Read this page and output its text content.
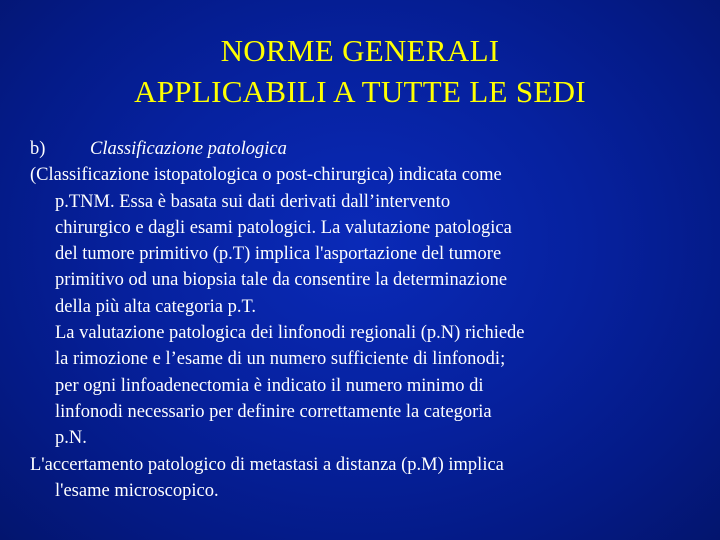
NORME GENERALI
APPLICABILI A TUTTE LE SEDI
b) Classificazione patologica
(Classificazione istopatologica o post-chirurgica) indicata come
p.TNM. Essa è basata sui dati derivati dall’intervento
chirurgico e dagli esami patologici. La valutazione patologica
del tumore primitivo (p.T) implica l'asportazione del tumore
primitivo od una biopsia tale da consentire la determinazione
della più alta categoria p.T.
La valutazione patologica dei linfonodi regionali (p.N) richiede
la rimozione e l’esame di un numero sufficiente di linfonodi;
per ogni linfoadenectomia è indicato il numero minimo di
linfonodi necessario per definire correttamente la categoria
p.N.
L'accertamento patologico di metastasi a distanza (p.M) implica
l'esame microscopico.
